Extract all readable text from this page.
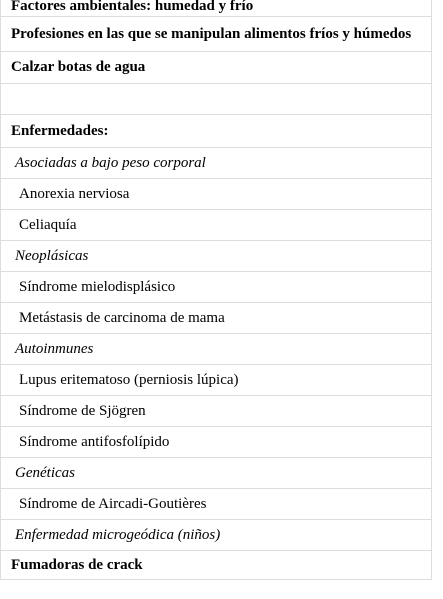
Factores ambientales: humedad y frío
Profesiones en las que se manipulan alimentos fríos y húmedos
Calzar botas de agua
Enfermedades:
Asociadas a bajo peso corporal
Anorexia nerviosa
Celiaquía
Neoplásicas
Síndrome mielodisplásico
Metástasis de carcinoma de mama
Autoinmunes
Lupus eritematoso (perniosis lúpica)
Síndrome de Sjögren
Síndrome antifosfolípido
Genéticas
Síndrome de Aircadi-Goutières
Enfermedad microgeódica (niños)
Fumadoras de crack
